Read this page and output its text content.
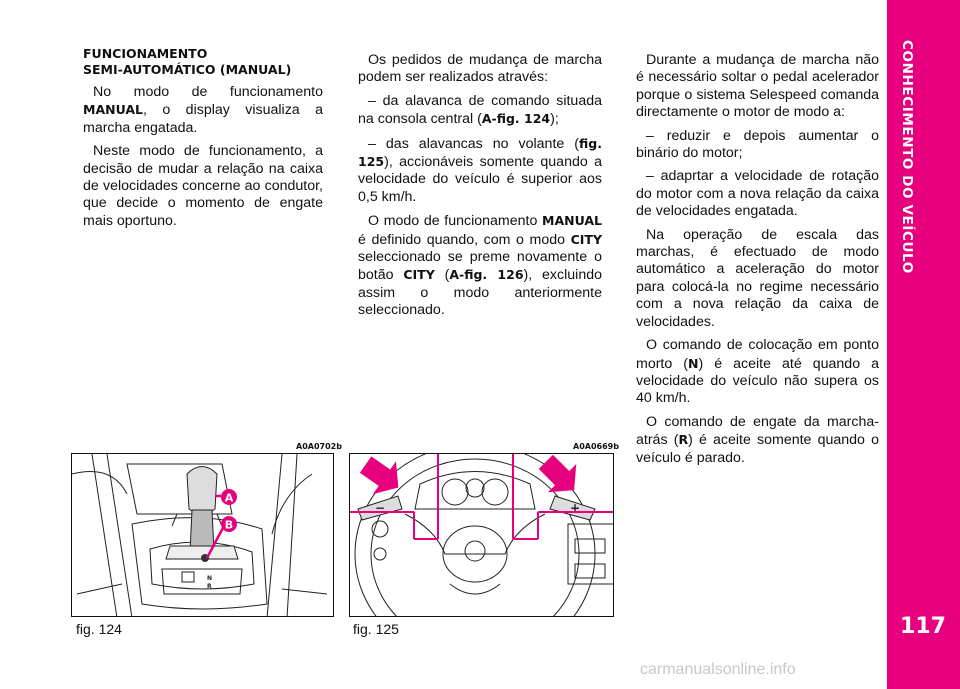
CONHECIMENTO DO VEÍCULO
117

FUNCIONAMENTO
SEMI-AUTOMÁTICO (MANUAL)

No modo de funcionamento MANUAL, o display visualiza a marcha engatada.

Neste modo de funcionamento, a decisão de mudar a relação na caixa de velocidades concerne ao condutor, que decide o momento de engate mais oportuno.

Os pedidos de mudança de marcha podem ser realizados através:

– da alavanca de comando situada na consola central (A-fig. 124);

– das alavancas no volante (fig. 125), accionáveis somente quando a velocidade do veículo é superior aos 0,5 km/h.

O modo de funcionamento MANUAL é definido quando, com o modo CITY seleccionado se preme novamente o botão CITY (A-fig. 126), excluindo assim o modo anteriormente seleccionado.

Durante a mudança de marcha não é necessário soltar o pedal acelerador porque o sistema Selespeed comanda directamente o motor de modo a:

– reduzir e depois aumentar o binário do motor;

– adaprtar a velocidade de rotação do motor com a nova relação da caixa de velocidades engatada.

Na operação de escala das marchas, é efectuado de modo automático a aceleração do motor para colocá-la no regime necessário com a nova relação da caixa de velocidades.

O comando de colocação em ponto morto (N) é aceite até quando a velocidade do veículo não supera os 40 km/h.

O comando de engate da marcha-atrás (R) é aceite somente quando o veículo é parado.

A0A0702b
A
B
N
R
fig. 124
A0A0669b
−	+
fig. 125
carmanualsonline.info
